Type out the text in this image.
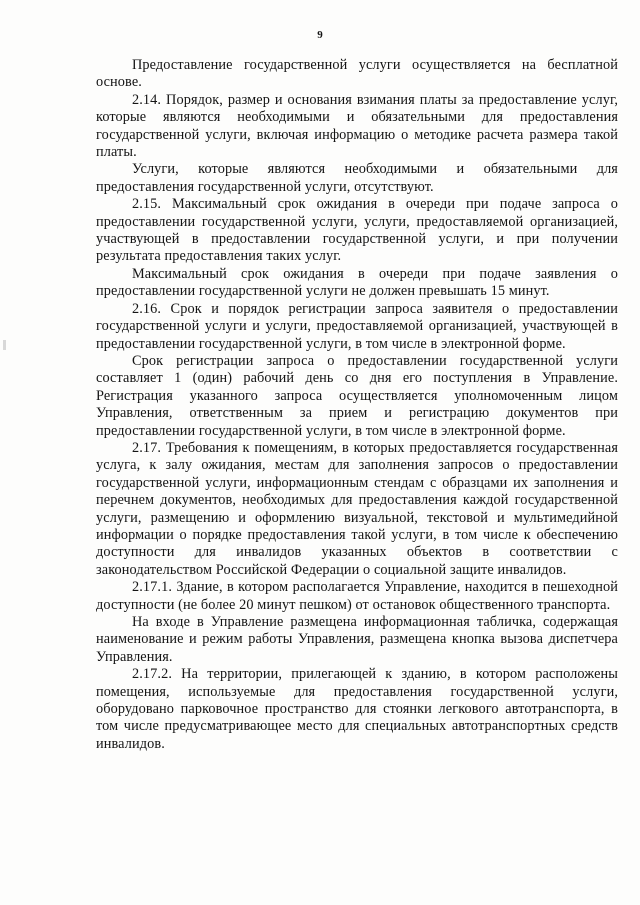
9

Предоставление государственной услуги осуществляется на бесплатной основе.

2.14. Порядок, размер и основания взимания платы за предоставление услуг, которые являются необходимыми и обязательными для предоставления государственной услуги, включая информацию о методике расчета размера такой платы.

Услуги, которые являются необходимыми и обязательными для предоставления государственной услуги, отсутствуют.

2.15. Максимальный срок ожидания в очереди при подаче запроса о предоставлении государственной услуги, услуги, предоставляемой организацией, участвующей в предоставлении государственной услуги, и при получении результата предоставления таких услуг.

Максимальный срок ожидания в очереди при подаче заявления о предоставлении государственной услуги не должен превышать 15 минут.

2.16. Срок и порядок регистрации запроса заявителя о предоставлении государственной услуги и услуги, предоставляемой организацией, участвующей в предоставлении государственной услуги, в том числе в электронной форме.

Срок регистрации запроса о предоставлении государственной услуги составляет 1 (один) рабочий день со дня его поступления в Управление. Регистрация указанного запроса осуществляется уполномоченным лицом Управления, ответственным за прием и регистрацию документов при предоставлении государственной услуги, в том числе в электронной форме.

2.17. Требования к помещениям, в которых предоставляется государственная услуга, к залу ожидания, местам для заполнения запросов о предоставлении государственной услуги, информационным стендам с образцами их заполнения и перечнем документов, необходимых для предоставления каждой государственной услуги, размещению и оформлению визуальной, текстовой и мультимедийной информации о порядке предоставления такой услуги, в том числе к обеспечению доступности для инвалидов указанных объектов в соответствии с законодательством Российской Федерации о социальной защите инвалидов.

2.17.1. Здание, в котором располагается Управление, находится в пешеходной доступности (не более 20 минут пешком) от остановок общественного транспорта.

На входе в Управление размещена информационная табличка, содержащая наименование и режим работы Управления, размещена кнопка вызова диспетчера Управления.

2.17.2. На территории, прилегающей к зданию, в котором расположены помещения, используемые для предоставления государственной услуги, оборудовано парковочное пространство для стоянки легкового автотранспорта, в том числе предусматривающее место для специальных автотранспортных средств инвалидов.
